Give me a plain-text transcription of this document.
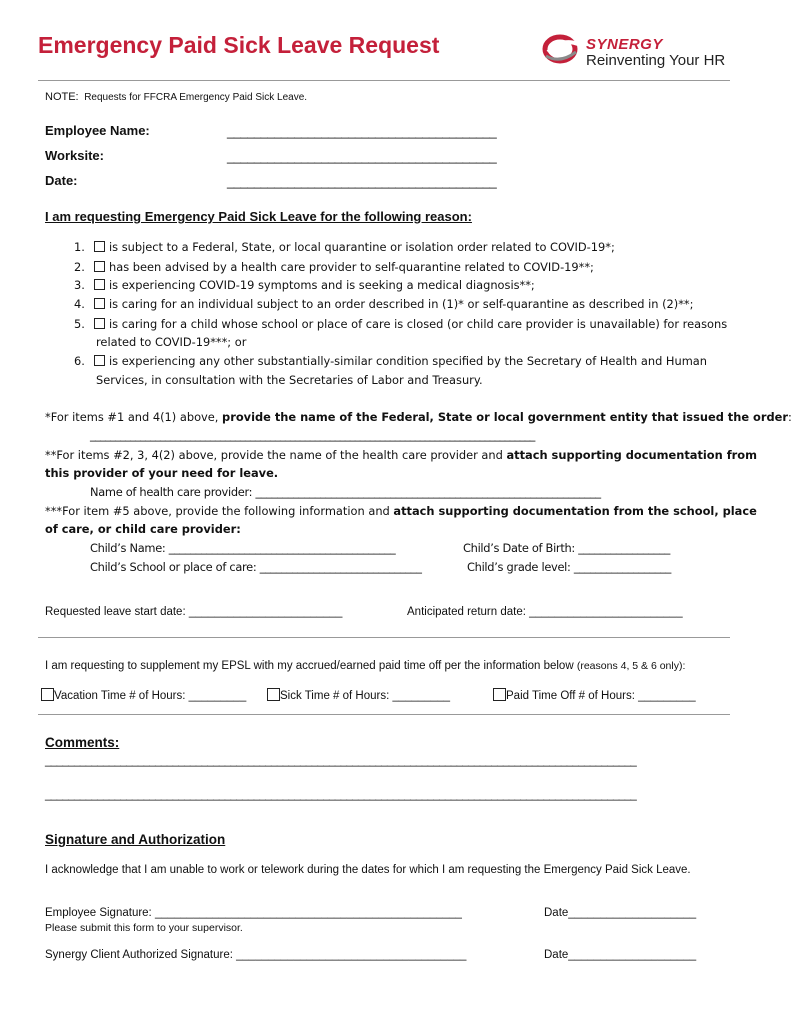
Emergency Paid Sick Leave Request	SYNERGY
Reinventing Your HR
NOTE: Requests for FFCRA Emergency Paid Sick Leave.
Employee Name:	________________________________________
Worksite:	________________________________________
Date:	________________________________________
I am requesting Emergency Paid Sick Leave for the following reason:
1. is subject to a Federal, State, or local quarantine or isolation order related to COVID-19*;
2. has been advised by a health care provider to self-quarantine related to COVID-19**;
3. is experiencing COVID-19 symptoms and is seeking a medical diagnosis**;
4. is caring for an individual subject to an order described in (1)* or self-quarantine as described in (2)**;
5. is caring for a child whose school or place of care is closed (or child care provider is unavailable) for reasons
related to COVID-19***; or
6. is experiencing any other substantially-similar condition specified by the Secretary of Health and Human
Services, in consultation with the Secretaries of Labor and Treasury.
*For items #1 and 4(1) above, provide the name of the Federal, State or local government entity that issued the order:
_________________________________________________________________________________________
**For items #2, 3, 4(2) above, provide the name of the health care provider and attach supporting documentation from
this provider of your need for leave.
Name of health care provider: ________________________________________________________________
***For item #5 above, provide the following information and attach supporting documentation from the school, place
of care, or child care provider:
Child’s Name: __________________________________________	Child’s Date of Birth: _________________
Child’s School or place of care: ______________________________	Child’s grade level: __________________
Requested leave start date: ________________________	Anticipated return date: ________________________
I am requesting to supplement my EPSL with my accrued/earned paid time off per the information below (reasons 4, 5 & 6 only):
Vacation Time # of Hours: _________	Sick Time # of Hours: _________	Paid Time Off # of Hours: _________
Comments:
______________________________________________________________________________________________________
______________________________________________________________________________________________________
Signature and Authorization
I acknowledge that I am unable to work or telework during the dates for which I am requesting the Emergency Paid Sick Leave.
Employee Signature: ________________________________________________	Date____________________
Please submit this form to your supervisor.
Synergy Client Authorized Signature: ____________________________________	Date____________________
